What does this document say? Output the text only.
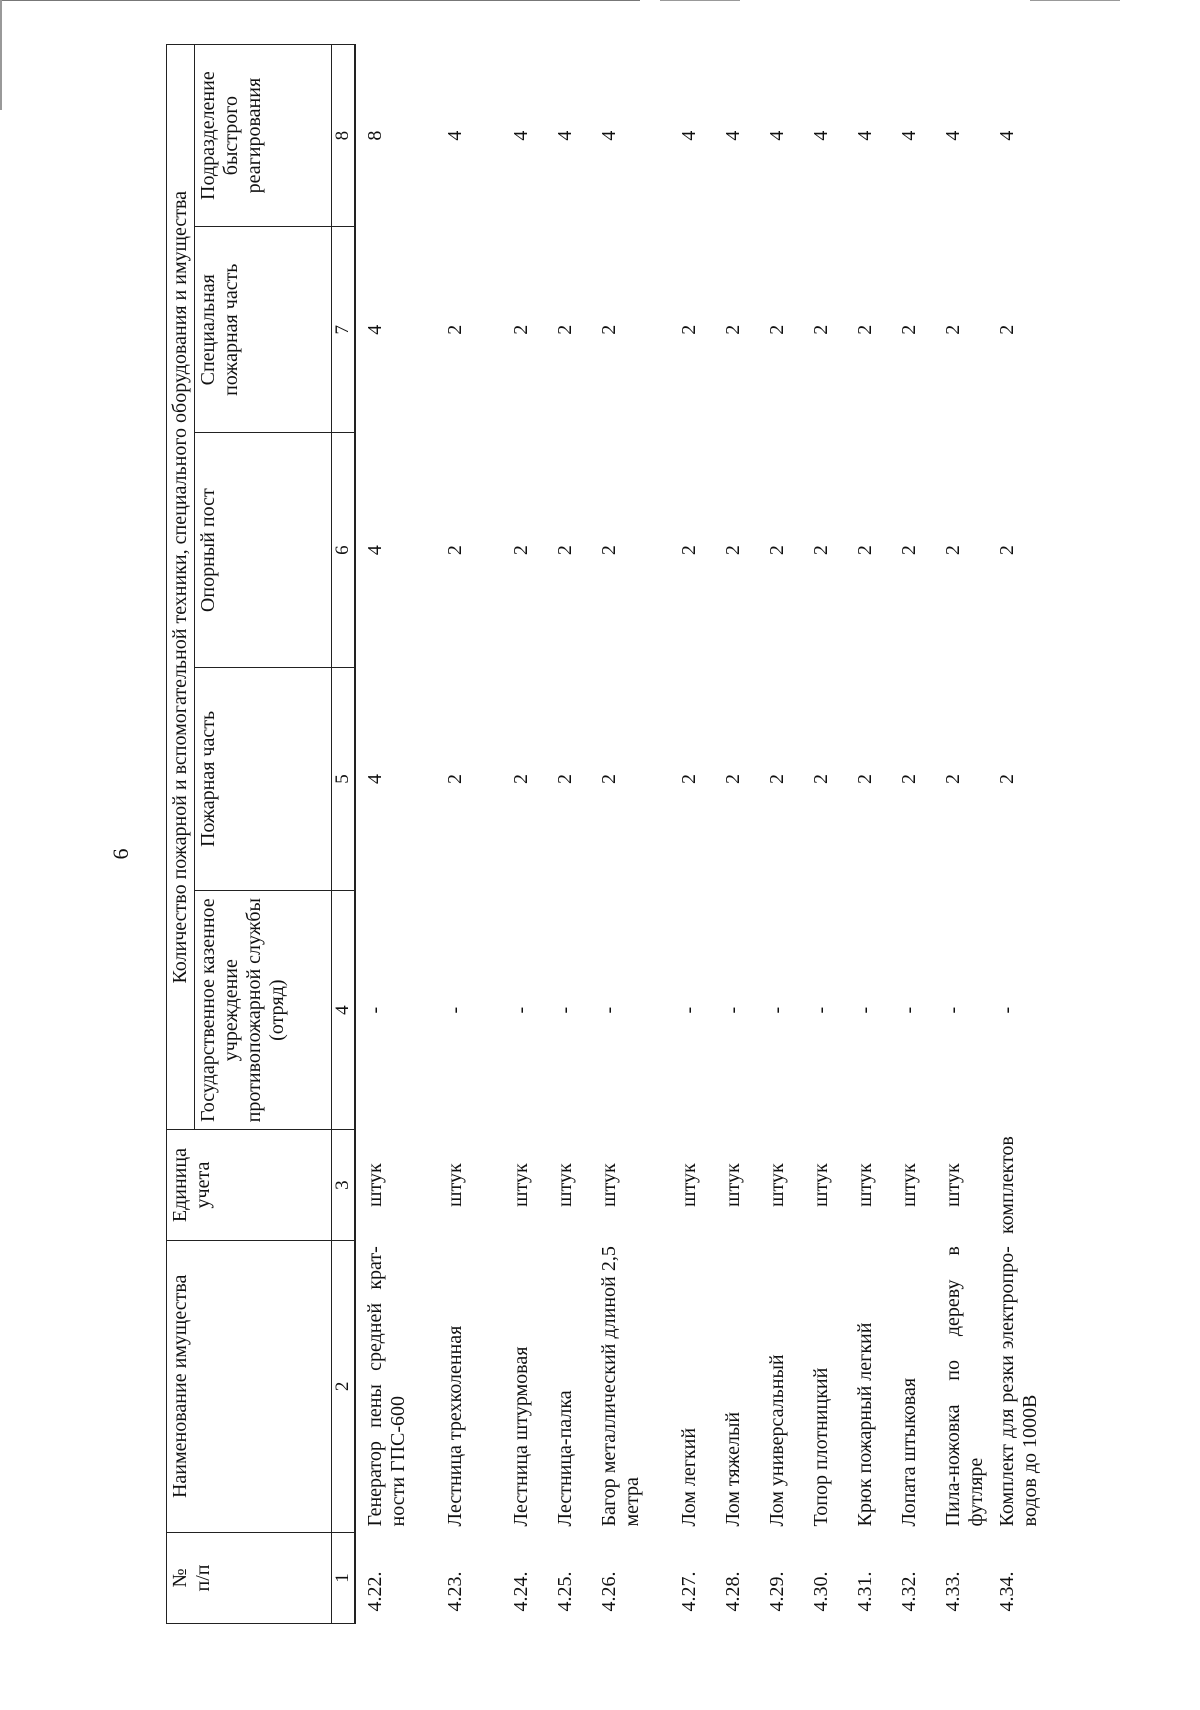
6
№
п/п	Наименование имущества	Единица учета	Количество пожарной и вспомогательной техники, специального оборудования и имущества				
			Государственное казенное учреждение противопожарной службы (отряд)	Пожарная часть	Опорный пост	Специальная пожарная часть	Подразделение быстрого реагирования
1	2	3	4	5	6	7	8
4.22.	Генератор пены средней крат-ности ГПС-600	штук	-	4	4	4	8
4.23.	Лестница трехколенная	штук	-	2	2	2	4
4.24.	Лестница штурмовая	штук	-	2	2	2	4
4.25.	Лестница-палка	штук	-	2	2	2	4
4.26.	Багор металлический длиной 2,5 метра	штук	-	2	2	2	4
4.27.	Лом легкий	штук	-	2	2	2	4
4.28.	Лом тяжелый	штук	-	2	2	2	4
4.29.	Лом универсальный	штук	-	2	2	2	4
4.30.	Топор плотницкий	штук	-	2	2	2	4
4.31.	Крюк пожарный легкий	штук	-	2	2	2	4
4.32.	Лопата штыковая	штук	-	2	2	2	4
4.33.	Пила-ножовка по дереву в футляре	штук	-	2	2	2	4
4.34.	Комплект для резки электропро-водов до 1000В	комплектов	-	2	2	2	4
